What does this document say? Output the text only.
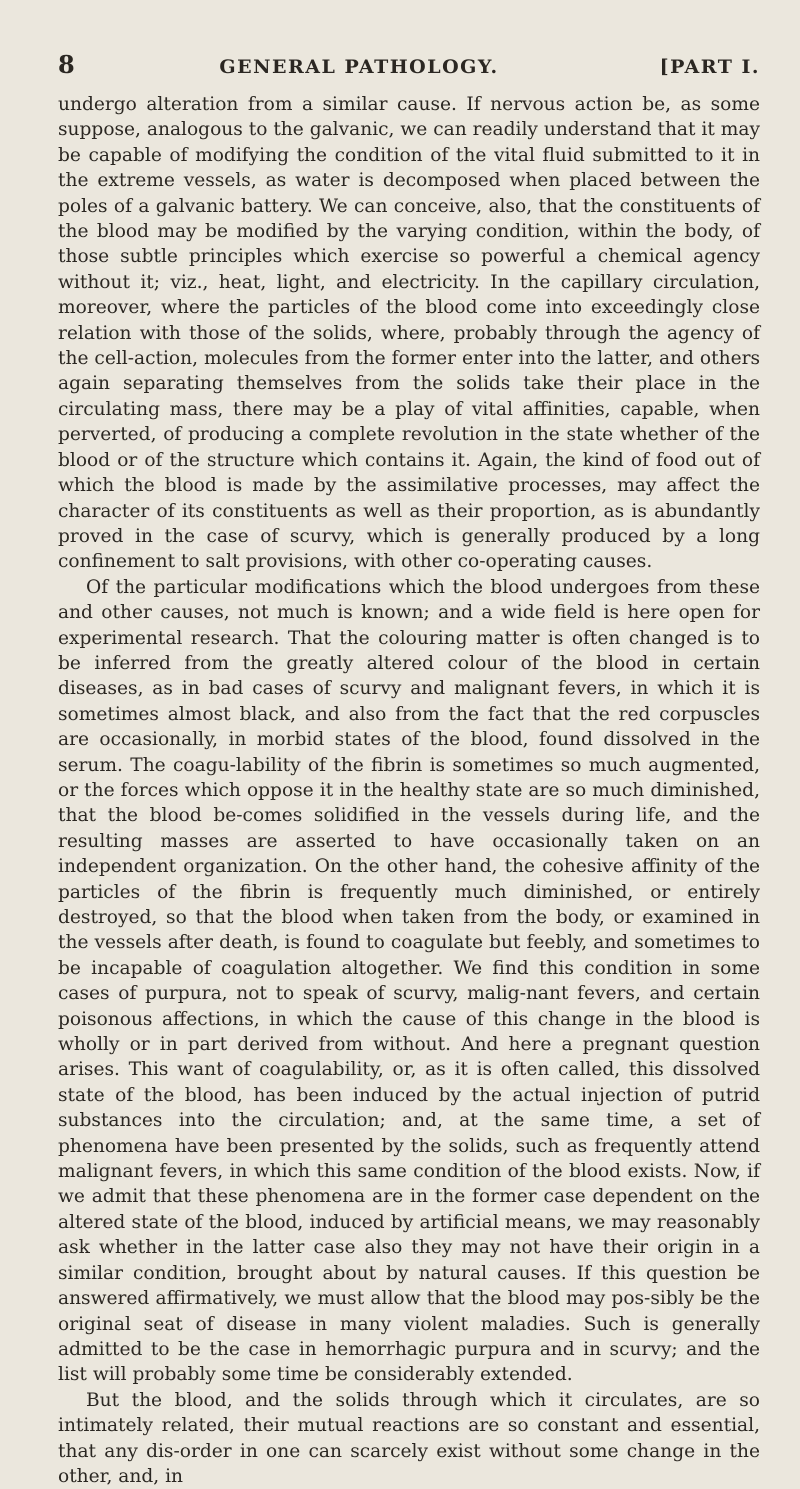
8	GENERAL PATHOLOGY.	[PART I.

undergo alteration from a similar cause. If nervous action be, as some suppose, analogous to the galvanic, we can readily understand that it may be capable of modifying the condition of the vital fluid submitted to it in the extreme vessels, as water is decomposed when placed between the poles of a galvanic battery. We can conceive, also, that the constituents of the blood may be modified by the varying condition, within the body, of those subtle principles which exercise so powerful a chemical agency without it; viz., heat, light, and electricity. In the capillary circulation, moreover, where the particles of the blood come into exceedingly close relation with those of the solids, where, probably through the agency of the cell-action, molecules from the former enter into the latter, and others again separating themselves from the solids take their place in the circulating mass, there may be a play of vital affinities, capable, when perverted, of producing a complete revolution in the state whether of the blood or of the structure which contains it. Again, the kind of food out of which the blood is made by the assimilative processes, may affect the character of its constituents as well as their proportion, as is abundantly proved in the case of scurvy, which is generally produced by a long confinement to salt provisions, with other co-operating causes.

Of the particular modifications which the blood undergoes from these and other causes, not much is known; and a wide field is here open for experimental research. That the colouring matter is often changed is to be inferred from the greatly altered colour of the blood in certain diseases, as in bad cases of scurvy and malignant fevers, in which it is sometimes almost black, and also from the fact that the red corpuscles are occasionally, in morbid states of the blood, found dissolved in the serum. The coagu-lability of the fibrin is sometimes so much augmented, or the forces which oppose it in the healthy state are so much diminished, that the blood be-comes solidified in the vessels during life, and the resulting masses are asserted to have occasionally taken on an independent organization. On the other hand, the cohesive affinity of the particles of the fibrin is frequently much diminished, or entirely destroyed, so that the blood when taken from the body, or examined in the vessels after death, is found to coagulate but feebly, and sometimes to be incapable of coagulation altogether. We find this condition in some cases of purpura, not to speak of scurvy, malig-nant fevers, and certain poisonous affections, in which the cause of this change in the blood is wholly or in part derived from without. And here a pregnant question arises. This want of coagulability, or, as it is often called, this dissolved state of the blood, has been induced by the actual injection of putrid substances into the circulation; and, at the same time, a set of phenomena have been presented by the solids, such as frequently attend malignant fevers, in which this same condition of the blood exists. Now, if we admit that these phenomena are in the former case dependent on the altered state of the blood, induced by artificial means, we may reasonably ask whether in the latter case also they may not have their origin in a similar condition, brought about by natural causes. If this question be answered affirmatively, we must allow that the blood may pos-sibly be the original seat of disease in many violent maladies. Such is generally admitted to be the case in hemorrhagic purpura and in scurvy; and the list will probably some time be considerably extended.

But the blood, and the solids through which it circulates, are so intimately related, their mutual reactions are so constant and essential, that any dis-order in one can scarcely exist without some change in the other, and, in
